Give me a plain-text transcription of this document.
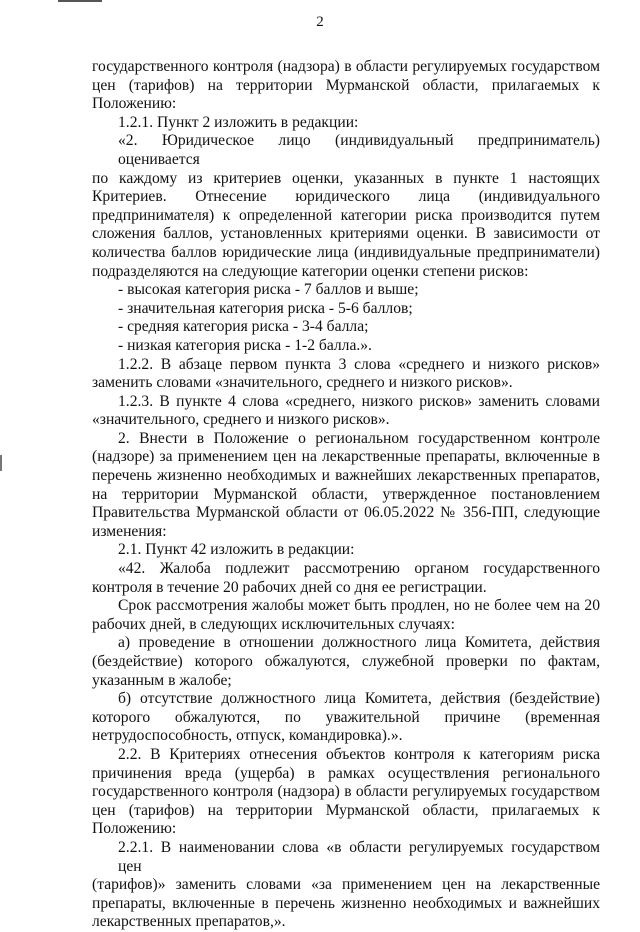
2

государственного контроля (надзора) в области регулируемых государством

цен (тарифов) на территории Мурманской области, прилагаемых к

Положению:

1.2.1. Пункт 2 изложить в редакции:

«2. Юридическое лицо (индивидуальный предприниматель) оценивается

по каждому из критериев оценки, указанных в пункте 1 настоящих

Критериев. Отнесение юридического лица (индивидуального

предпринимателя) к определенной категории риска производится путем

сложения баллов, установленных критериями оценки. В зависимости от

количества баллов юридические лица (индивидуальные предприниматели)

подразделяются на следующие категории оценки степени рисков:

- высокая категория риска - 7 баллов и выше;

- значительная категория риска - 5-6 баллов;

- средняя категория риска - 3-4 балла;

- низкая категория риска - 1-2 балла.».

1.2.2. В абзаце первом пункта 3 слова «среднего и низкого рисков»

заменить словами «значительного, среднего и низкого рисков».

1.2.3. В пункте 4 слова «среднего, низкого рисков» заменить словами

«значительного, среднего и низкого рисков».

2. Внести в Положение о региональном государственном контроле

(надзоре) за применением цен на лекарственные препараты, включенные в

перечень жизненно необходимых и важнейших лекарственных препаратов,

на территории Мурманской области, утвержденное постановлением

Правительства Мурманской области от 06.05.2022 № 356-ПП, следующие

изменения:

2.1. Пункт 42 изложить в редакции:

«42. Жалоба подлежит рассмотрению органом государственного

контроля в течение 20 рабочих дней со дня ее регистрации.

Срок рассмотрения жалобы может быть продлен, но не более чем на 20

рабочих дней, в следующих исключительных случаях:

а) проведение в отношении должностного лица Комитета, действия

(бездействие) которого обжалуются, служебной проверки по фактам,

указанным в жалобе;

б) отсутствие должностного лица Комитета, действия (бездействие)

которого обжалуются, по уважительной причине (временная

нетрудоспособность, отпуск, командировка).».

2.2. В Критериях отнесения объектов контроля к категориям риска

причинения вреда (ущерба) в рамках осуществления регионального

государственного контроля (надзора) в области регулируемых государством

цен (тарифов) на территории Мурманской области, прилагаемых к

Положению:

2.2.1. В наименовании слова «в области регулируемых государством цен

(тарифов)» заменить словами «за применением цен на лекарственные

препараты, включенные в перечень жизненно необходимых и важнейших

лекарственных препаратов,».
